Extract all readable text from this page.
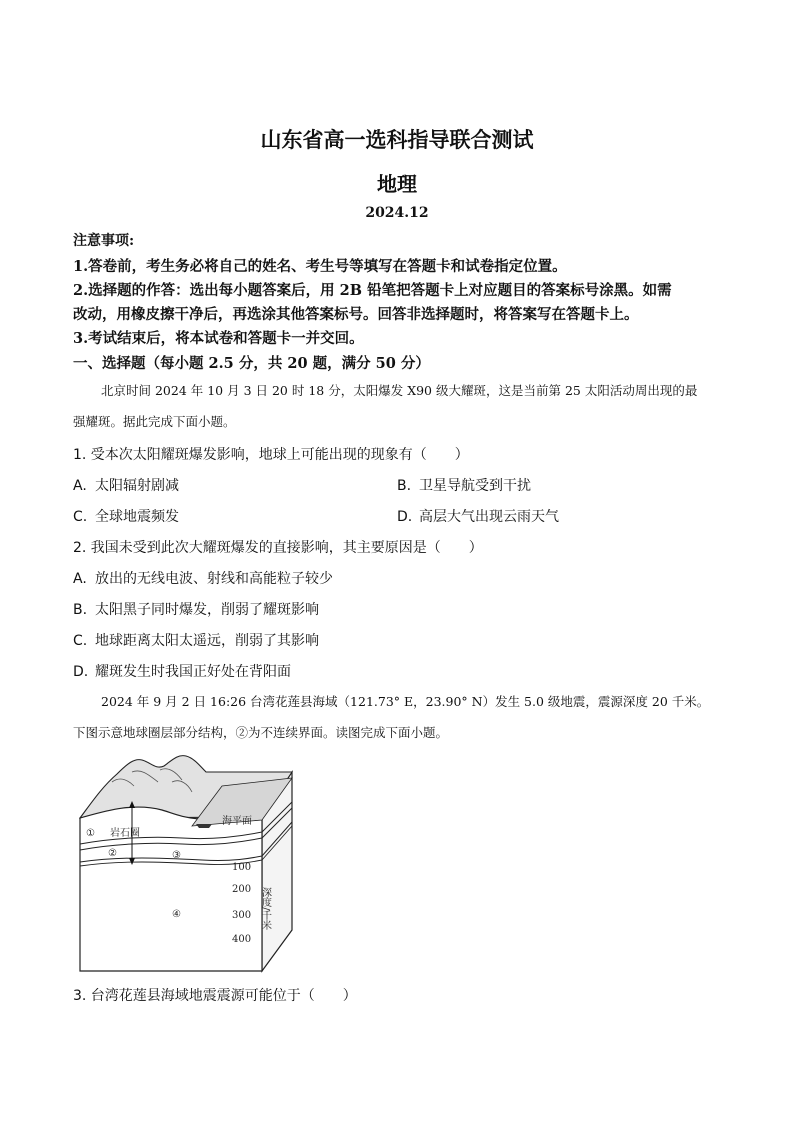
山东省高一选科指导联合测试
地理
2024.12
注意事项:
1.答卷前，考生务必将自己的姓名、考生号等填写在答题卡和试卷指定位置。
2.选择题的作答：选出每小题答案后，用 2B 铅笔把答题卡上对应题目的答案标号涂黑。如需
改动，用橡皮擦干净后，再选涂其他答案标号。回答非选择题时，将答案写在答题卡上。
3.考试结束后，将本试卷和答题卡一并交回。
一、选择题（每小题 2.5 分，共 20 题，满分 50 分）
北京时间 2024 年 10 月 3 日 20 时 18 分，太阳爆发 X90 级大耀斑，这是当前第 25 太阳活动周出现的最
强耀斑。据此完成下面小题。
1. 受本次太阳耀斑爆发影响，地球上可能出现的现象有（　　）
A. 太阳辐射剧减	B. 卫星导航受到干扰
C. 全球地震频发	D. 高层大气出现云雨天气
2. 我国未受到此次大耀斑爆发的直接影响，其主要原因是（　　）
A. 放出的无线电波、射线和高能粒子较少
B. 太阳黑子同时爆发，削弱了耀斑影响
C. 地球距离太阳太遥远，削弱了其影响
D. 耀斑发生时我国正好处在背阳面
2024 年 9 月 2 日 16:26 台湾花莲县海域（121.73° E，23.90° N）发生 5.0 级地震，震源深度 20 千米。
下图示意地球圈层部分结构，②为不连续界面。读图完成下面小题。
①
②	③
④
岩石圈
海平面
100
200
300
400
深度/千米
3. 台湾花莲县海域地震震源可能位于（　　）
